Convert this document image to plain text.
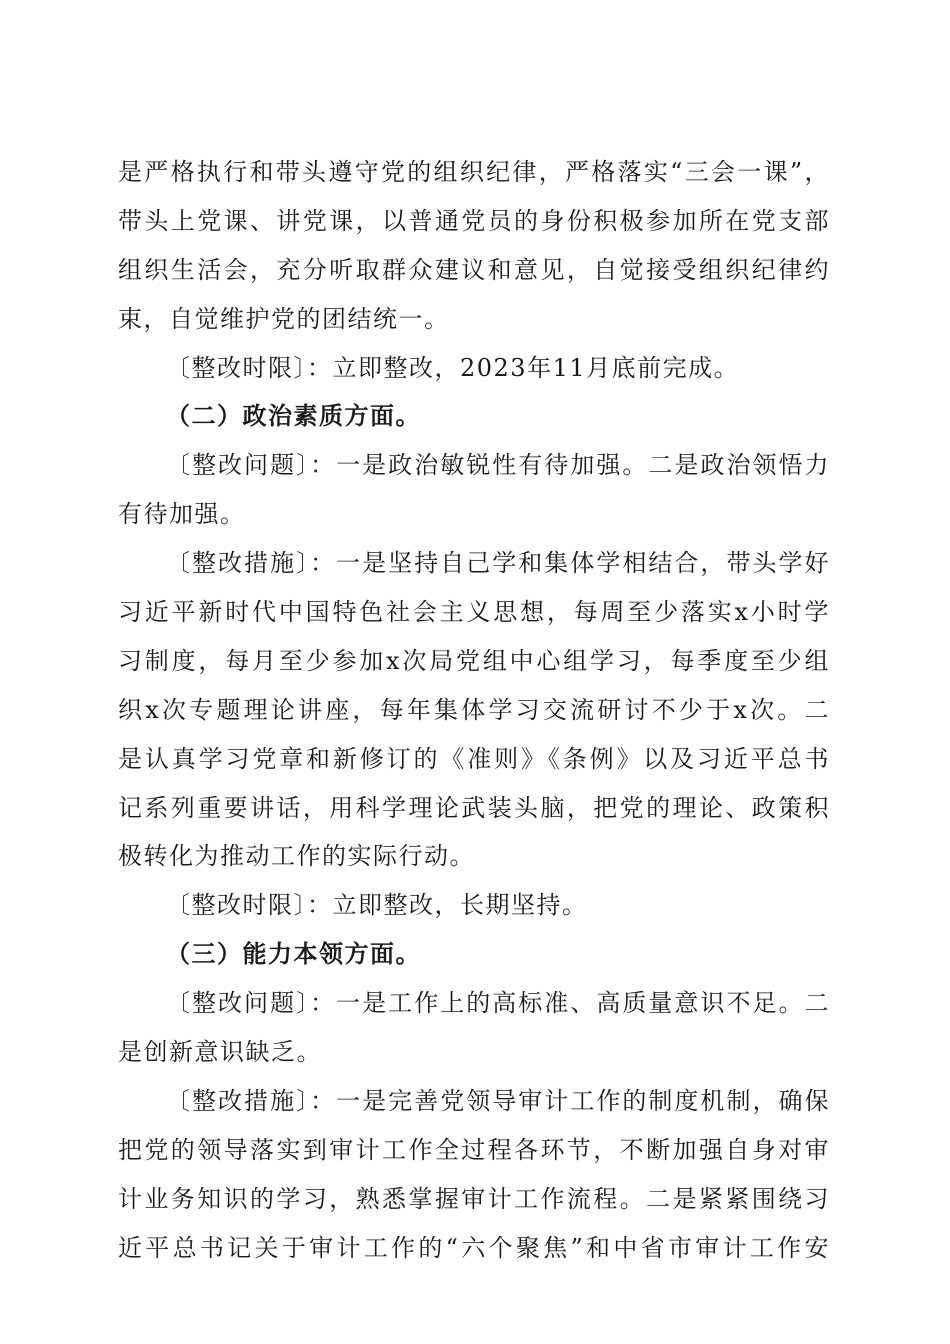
是严格执行和带头遵守党的组织纪律，严格落实“三会一课”，
带头上党课、讲党课，以普通党员的身份积极参加所在党支部
组织生活会，充分听取群众建议和意见，自觉接受组织纪律约
束，自觉维护党的团结统一。
〔整改时限〕：立即整改，2023年11月底前完成。
（二）政治素质方面。
〔整改问题〕：一是政治敏锐性有待加强。二是政治领悟力
有待加强。
〔整改措施〕：一是坚持自己学和集体学相结合，带头学好
习近平新时代中国特色社会主义思想，每周至少落实x小时学
习制度，每月至少参加x次局党组中心组学习，每季度至少组
织x次专题理论讲座，每年集体学习交流研讨不少于x次。二
是认真学习党章和新修订的《准则》《条例》以及习近平总书
记系列重要讲话，用科学理论武装头脑，把党的理论、政策积
极转化为推动工作的实际行动。
〔整改时限〕：立即整改，长期坚持。
（三）能力本领方面。
〔整改问题〕：一是工作上的高标准、高质量意识不足。二
是创新意识缺乏。
〔整改措施〕：一是完善党领导审计工作的制度机制，确保
把党的领导落实到审计工作全过程各环节，不断加强自身对审
计业务知识的学习，熟悉掌握审计工作流程。二是紧紧围绕习
近平总书记关于审计工作的“六个聚焦”和中省市审计工作安
